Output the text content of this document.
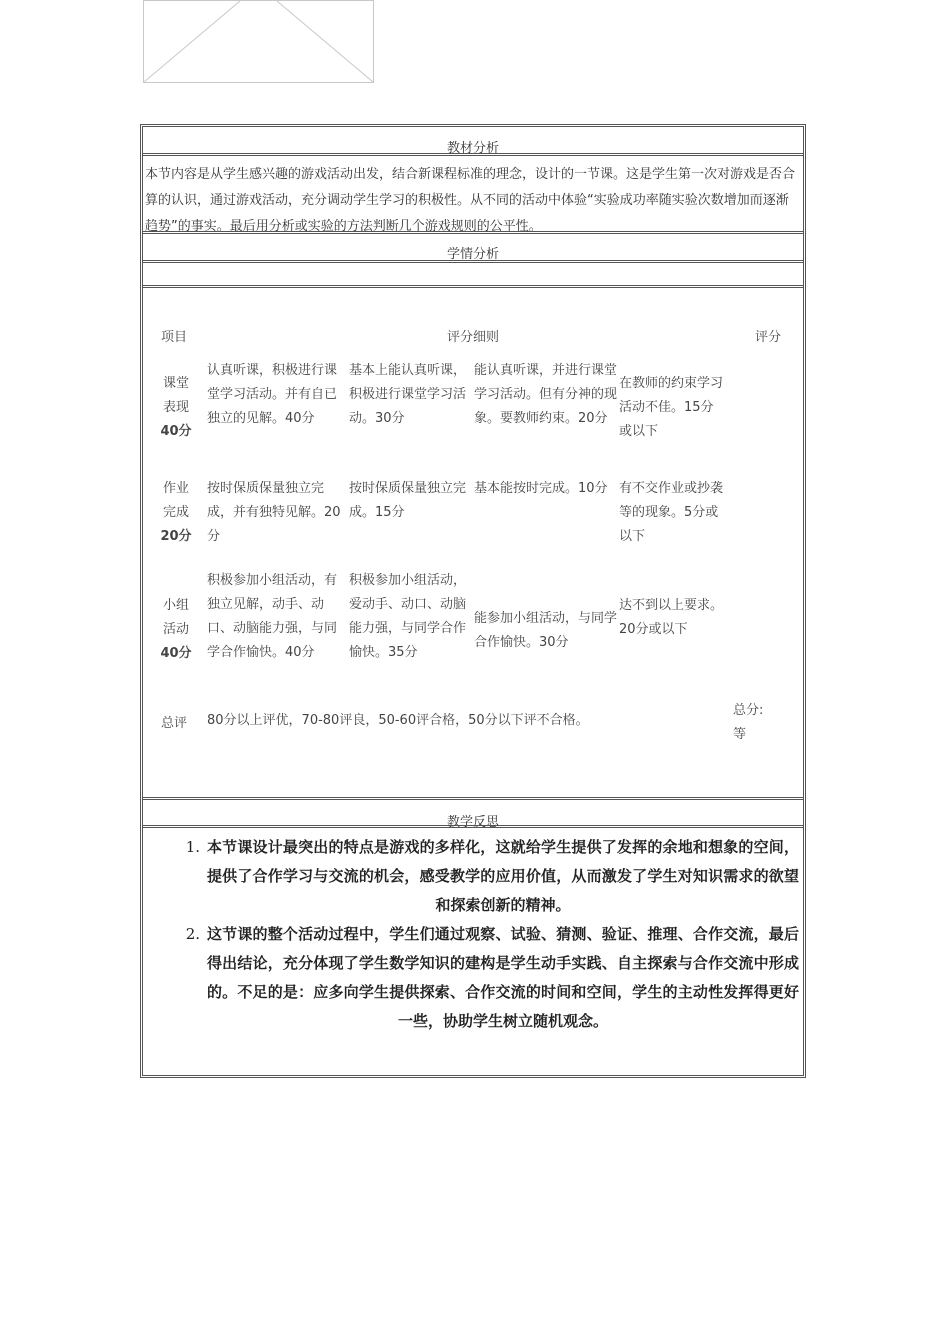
教材分析
本节内容是从学生感兴趣的游戏活动出发，结合新课程标准的理念，设计的一节课。这是学生第一次对游戏是否合算的认识，通过游戏活动，充分调动学生学习的积极性。从不同的活动中体验“实验成功率随实验次数增加而逐渐趋势”的事实。最后用分析或实验的方法判断几个游戏规则的公平性。
学情分析
项目	评分细则	评分
课堂
表现
40分
认真听课，积极进行课堂学习活动。并有自已独立的见解。40分
基本上能认真听课，积极进行课堂学习活动。30分
能认真听课，并进行课堂学习活动。但有分神的现象。要教师约束。20分
在教师的约束学习活动不佳。15分或以下
作业
完成
20分
按时保质保量独立完成，并有独特见解。20分
按时保质保量独立完成。15分
基本能按时完成。10分 有不交作业或抄袭等的现象。5分或以下
小组
活动
40分
积极参加小组活动，有独立见解，动手、动口、动脑能力强，与同学合作愉快。40分
积极参加小组活动，爱动手、动口、动脑能力强，与同学合作愉快。35分
能参加小组活动，与同学合作愉快。30分
达不到以上要求。20分或以下
总评 80分以上评优，70-80评良，50-60评合格，50分以下评不合格。
总分:
等
教学反思
1. 本节课设计最突出的特点是游戏的多样化，这就给学生提供了发挥的余地和想象的空间，提供了合作学习与交流的机会，感受教学的应用价值，从而激发了学生对知识需求的欲望和探索创新的精神。
2. 这节课的整个活动过程中，学生们通过观察、试验、猜测、验证、推理、合作交流，最后得出结论，充分体现了学生数学知识的建构是学生动手实践、自主探索与合作交流中形成的。不足的是：应多向学生提供探索、合作交流的时间和空间，学生的主动性发挥得更好一些，协助学生树立随机观念。
